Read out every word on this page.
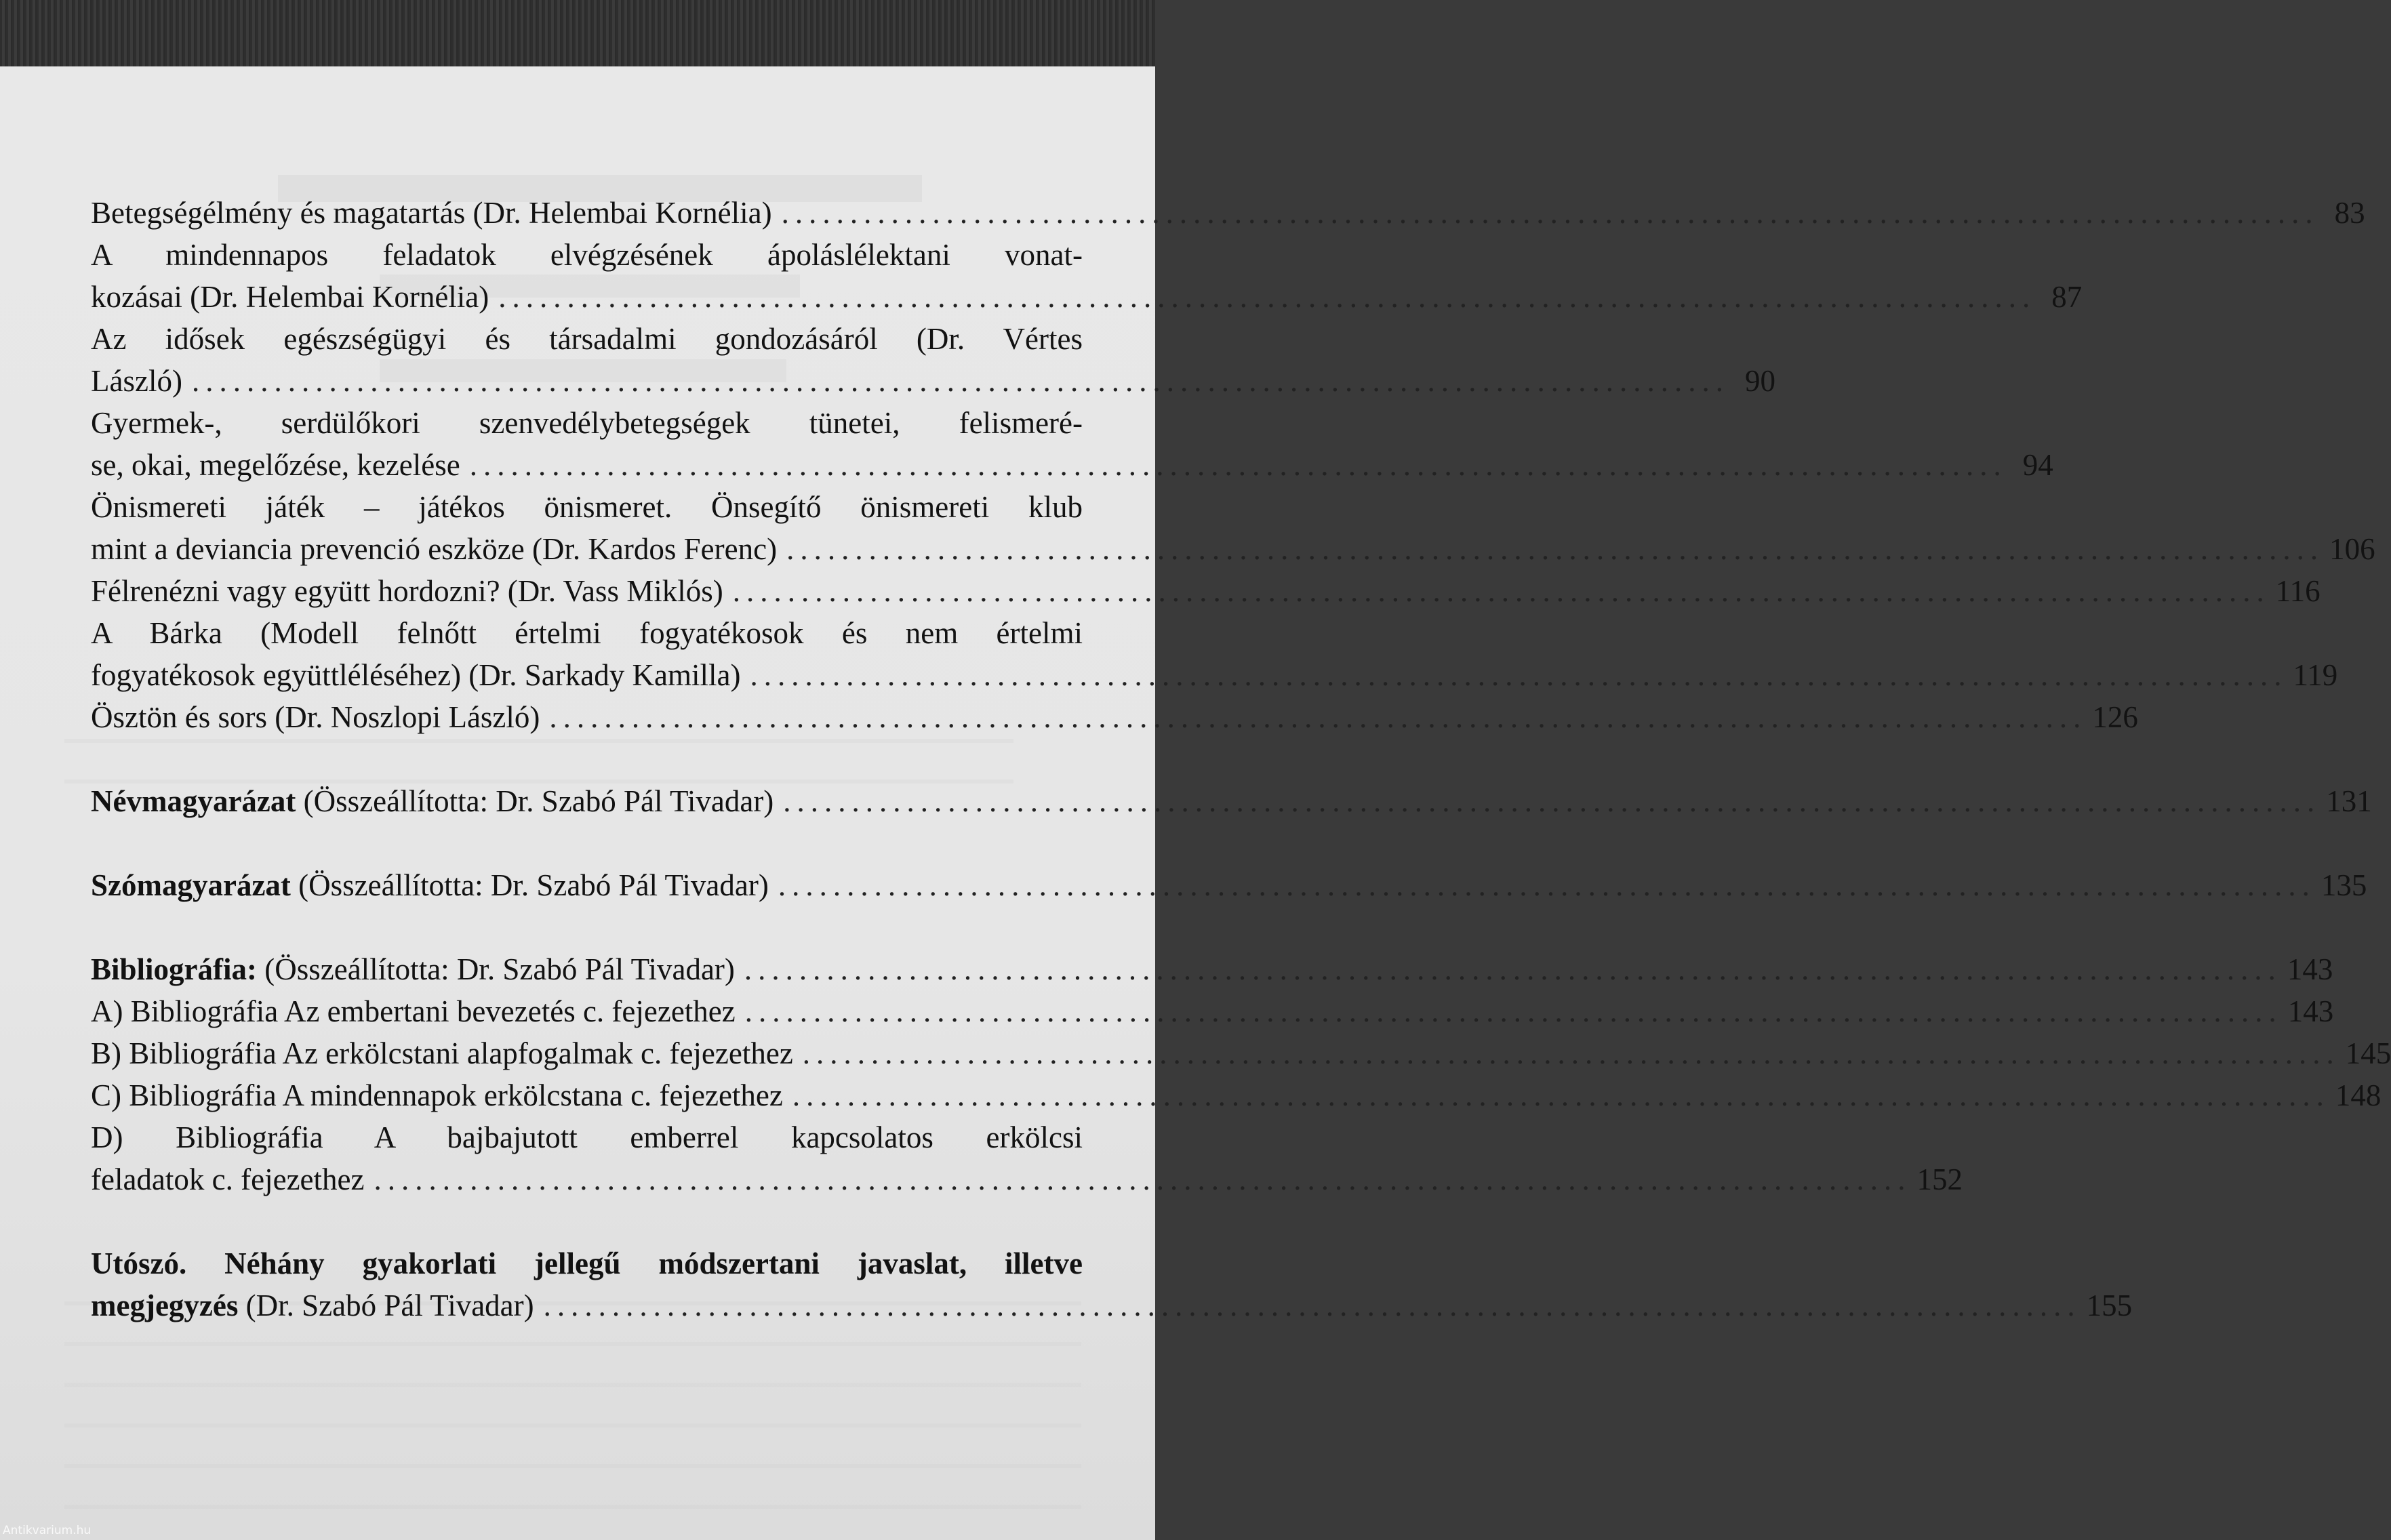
Betegségélmény és magatartás (Dr. Helembai Kornélia) ................................................................................................................ 83
A mindennapos feladatok elvégzésének ápoláslélektani vonat-
kozásai (Dr. Helembai Kornélia) ................................................................................................................ 87
Az idősek egészségügyi és társadalmi gondozásáról (Dr. Vértes
László) ................................................................................................................ 90
Gyermek-, serdülőkori szenvedélybetegségek tünetei, felismeré-
se, okai, megelőzése, kezelése ................................................................................................................ 94
Önismereti játék – játékos önismeret. Önsegítő önismereti klub
mint a deviancia prevenció eszköze (Dr. Kardos Ferenc) ................................................................................................................ 106
Félrenézni vagy együtt hordozni? (Dr. Vass Miklós) ................................................................................................................ 116
A Bárka (Modell felnőtt értelmi fogyatékosok és nem értelmi
fogyatékosok együttléléséhez) (Dr. Sarkady Kamilla) ................................................................................................................ 119
Ösztön és sors (Dr. Noszlopi László) ................................................................................................................ 126
Névmagyarázat (Összeállította: Dr. Szabó Pál Tivadar) ................................................................................................................ 131
Szómagyarázat (Összeállította: Dr. Szabó Pál Tivadar) ................................................................................................................ 135
Bibliográfia: (Összeállította: Dr. Szabó Pál Tivadar) ................................................................................................................ 143
A) Bibliográfia Az embertani bevezetés c. fejezethez ................................................................................................................ 143
B) Bibliográfia Az erkölcstani alapfogalmak c. fejezethez ................................................................................................................ 145
C) Bibliográfia A mindennapok erkölcstana c. fejezethez ................................................................................................................ 148
D) Bibliográfia A bajbajutott emberrel kapcsolatos erkölcsi
feladatok c. fejezethez ................................................................................................................ 152
Utószó. Néhány gyakorlati jellegű módszertani javaslat, illetve
megjegyzés (Dr. Szabó Pál Tivadar) ................................................................................................................ 155
Antikvarium.hu
